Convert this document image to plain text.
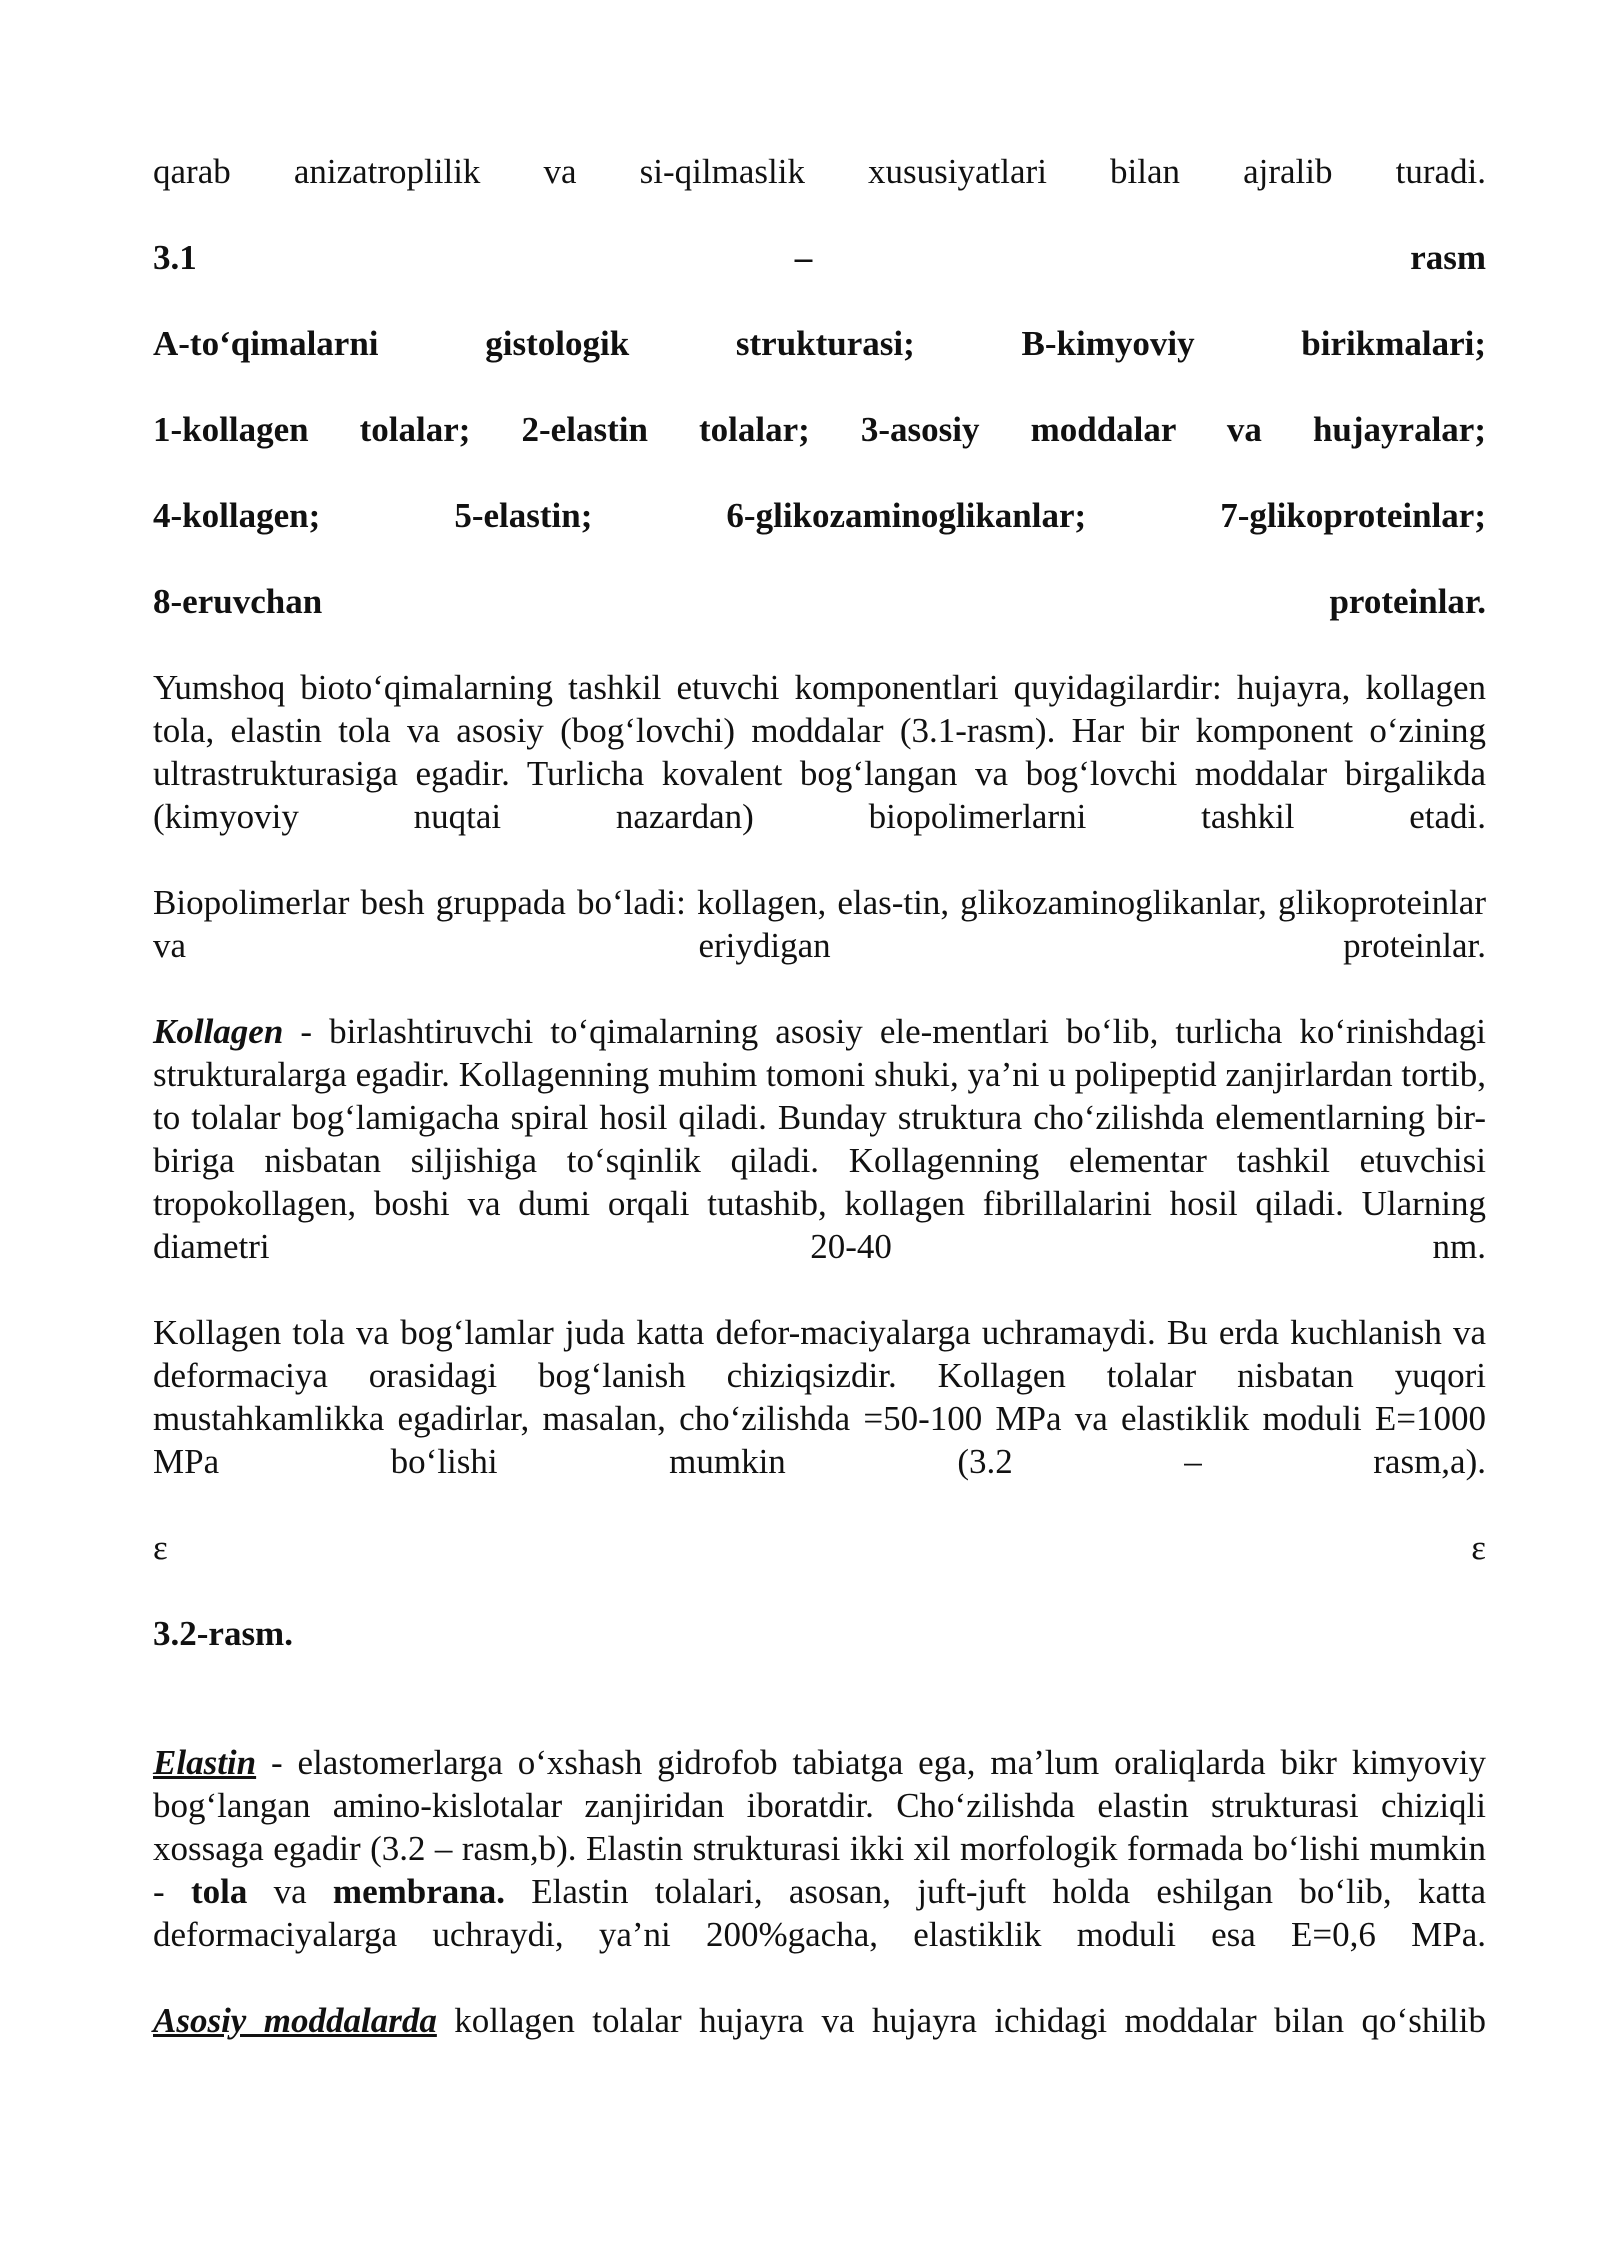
qarab anizatroplilik va si-qilmaslik xususiyatlari bilan ajralib turadi.

3.1	–	rasm

A-to‘qimalarni gistologik strukturasi; B-kimyoviy birikmalari;

1-kollagen tolalar; 2-elastin tolalar; 3-asosiy moddalar va hujayralar;

4-kollagen; 5-elastin; 6-glikozaminoglikanlar; 7-glikoproteinlar;

8-eruvchan proteinlar.

Yumshoq bioto‘qimalarning tashkil etuvchi komponentlari quyidagilardir: hujayra, kollagen tola, elastin tola va asosiy (bog‘lovchi) moddalar (3.1-rasm). Har bir komponent o‘zining ultrastrukturasiga egadir. Turlicha kovalent bog‘langan va bog‘lovchi moddalar birgalikda (kimyoviy nuqtai nazardan) biopolimerlarni tashkil etadi.

Biopolimerlar besh gruppada bo‘ladi: kollagen, elas-tin, glikozaminoglikanlar, glikoproteinlar va eriydigan proteinlar.

Kollagen - birlashtiruvchi to‘qimalarning asosiy ele-mentlari bo‘lib, turlicha ko‘rinishdagi strukturalarga egadir. Kollagenning muhim tomoni shuki, ya’ni u polipeptid zanjirlardan tortib, to tolalar bog‘lamigacha spiral hosil qiladi. Bunday struktura cho‘zilishda elementlarning bir-biriga nisbatan siljishiga to‘sqinlik qiladi. Kollagenning elementar tashkil etuvchisi tropokollagen, boshi va dumi orqali tutashib, kollagen fibrillalarini hosil qiladi. Ularning diametri 20-40 nm.

Kollagen tola va bog‘lamlar juda katta defor-maciyalarga uchramaydi. Bu erda kuchlanish va deformaciya orasidagi bog‘lanish chiziqsizdir. Kollagen tolalar nisbatan yuqori mustahkamlikka egadirlar, masalan, cho‘zilishda =50-100 MPa va elastiklik moduli E=1000 MPa bo‘lishi mumkin (3.2 – rasm,a).

ε	ε

3.2-rasm.

Elastin - elastomerlarga o‘xshash gidrofob tabiatga ega, ma’lum oraliqlarda bikr kimyoviy bog‘langan amino-kislotalar zanjiridan iboratdir. Cho‘zilishda elastin strukturasi chiziqli xossaga egadir (3.2 – rasm,b). Elastin strukturasi ikki xil morfologik formada bo‘lishi mumkin - tola va membrana. Elastin tolalari, asosan, juft-juft holda eshilgan bo‘lib, katta deformaciyalarga uchraydi, ya’ni 200%gacha, elastiklik moduli esa E=0,6 MPa.

Asosiy moddalarda kollagen tolalar hujayra va hujayra ichidagi moddalar bilan qo‘shilib
